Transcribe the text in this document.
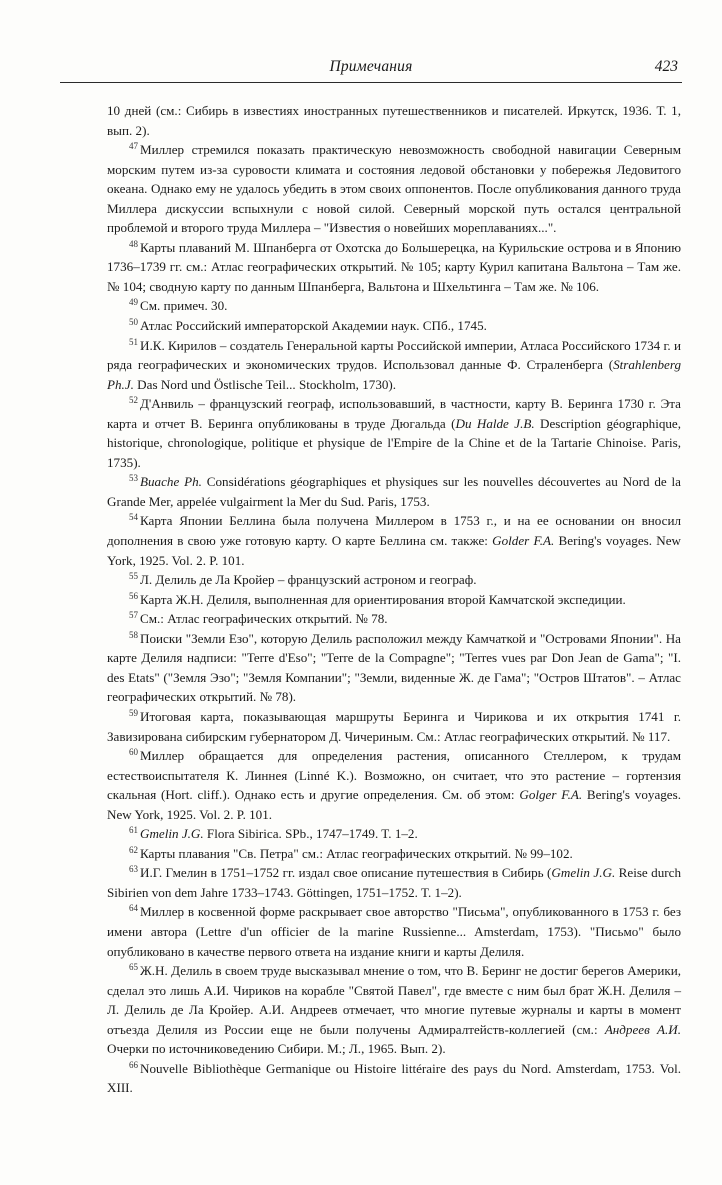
Примечания	423

10 дней (см.: Сибирь в известиях иностранных путешественников и писателей. Иркутск, 1936. Т. 1, вып. 2).

$^{47}$ Миллер стремился показать практическую невозможность свободной навигации Северным морским путем из-за суровости климата и состояния ледовой обстановки у побережья Ледовитого океана. Однако ему не удалось убедить в этом своих оппонентов. После опубликования данного труда Миллера дискуссии вспыхнули с новой силой. Северный морской путь остался центральной проблемой и второго труда Миллера – "Известия о новейших мореплаваниях...".

$^{48}$ Карты плаваний М. Шпанберга от Охотска до Большерецка, на Курильские острова и в Японию 1736–1739 гг. см.: Атлас географических открытий. № 105; карту Курил капитана Вальтона – Там же. № 104; сводную карту по данным Шпанберга, Вальтона и Шхельтинга – Там же. № 106.

$^{49}$ См. примеч. 30.

$^{50}$ Атлас Российский императорской Академии наук. СПб., 1745.

$^{51}$ И.К. Кирилов – создатель Генеральной карты Российской империи, Атласа Российского 1734 г. и ряда географических и экономических трудов. Использовал данные Ф. Страленберга (Strahlenberg Ph.J. Das Nord und Östlische Teil... Stockholm, 1730).

$^{52}$ Д'Анвиль – французский географ, использовавший, в частности, карту В. Беринга 1730 г. Эта карта и отчет В. Беринга опубликованы в труде Дюгальда (Du Halde J.B. Description géographique, historique, chronologique, politique et physique de l'Empire de la Chine et de la Tartarie Chinoise. Paris, 1735).

$^{53}$ Buache Ph. Considérations géographiques et physiques sur les nouvelles découvertes au Nord de la Grande Mer, appelée vulgairment la Mer du Sud. Paris, 1753.

$^{54}$ Карта Японии Беллина была получена Миллером в 1753 г., и на ее основании он вносил дополнения в свою уже готовую карту. О карте Беллина см. также: Golder F.A. Bering's voyages. New York, 1925. Vol. 2. P. 101.

$^{55}$ Л. Делиль де Ла Кройер – французский астроном и географ.

$^{56}$ Карта Ж.Н. Делиля, выполненная для ориентирования второй Камчатской экспедиции.

$^{57}$ См.: Атлас географических открытий. № 78.

$^{58}$ Поиски "Земли Езо", которую Делиль расположил между Камчаткой и "Островами Японии". На карте Делиля надписи: "Terre d'Eso"; "Terre de la Compagne"; "Terres vues par Don Jean de Gama"; "I. des Etats" ("Земля Эзо"; "Земля Компании"; "Земли, виденные Ж. де Гама"; "Остров Штатов". – Атлас географических открытий. № 78).

$^{59}$ Итоговая карта, показывающая маршруты Беринга и Чирикова и их открытия 1741 г. Завизирована сибирским губернатором Д. Чичериным. См.: Атлас географических открытий. № 117.

$^{60}$ Миллер обращается для определения растения, описанного Стеллером, к трудам естествоиспытателя К. Линнея (Linné K.). Возможно, он считает, что это растение – гортензия скальная (Hort. cliff.). Однако есть и другие определения. См. об этом: Golger F.A. Bering's voyages. New York, 1925. Vol. 2. P. 101.

$^{61}$ Gmelin J.G. Flora Sibirica. SPb., 1747–1749. T. 1–2.

$^{62}$ Карты плавания "Св. Петра" см.: Атлас географических открытий. № 99–102.

$^{63}$ И.Г. Гмелин в 1751–1752 гг. издал свое описание путешествия в Сибирь (Gmelin J.G. Reise durch Sibirien von dem Jahre 1733–1743. Göttingen, 1751–1752. T. 1–2).

$^{64}$ Миллер в косвенной форме раскрывает свое авторство "Письма", опубликованного в 1753 г. без имени автора (Lettre d'un officier de la marine Russienne... Amsterdam, 1753). "Письмо" было опубликовано в качестве первого ответа на издание книги и карты Делиля.

$^{65}$ Ж.Н. Делиль в своем труде высказывал мнение о том, что В. Беринг не достиг берегов Америки, сделал это лишь А.И. Чириков на корабле "Святой Павел", где вместе с ним был брат Ж.Н. Делиля – Л. Делиль де Ла Кройер. А.И. Андреев отмечает, что многие путевые журналы и карты в момент отъезда Делиля из России еще не были получены Адмиралтейств-коллегией (см.: Андреев А.И. Очерки по источниковедению Сибири. М.; Л., 1965. Вып. 2).

$^{66}$ Nouvelle Bibliothèque Germanique ou Histoire littéraire des pays du Nord. Amsterdam, 1753. Vol. XIII.
